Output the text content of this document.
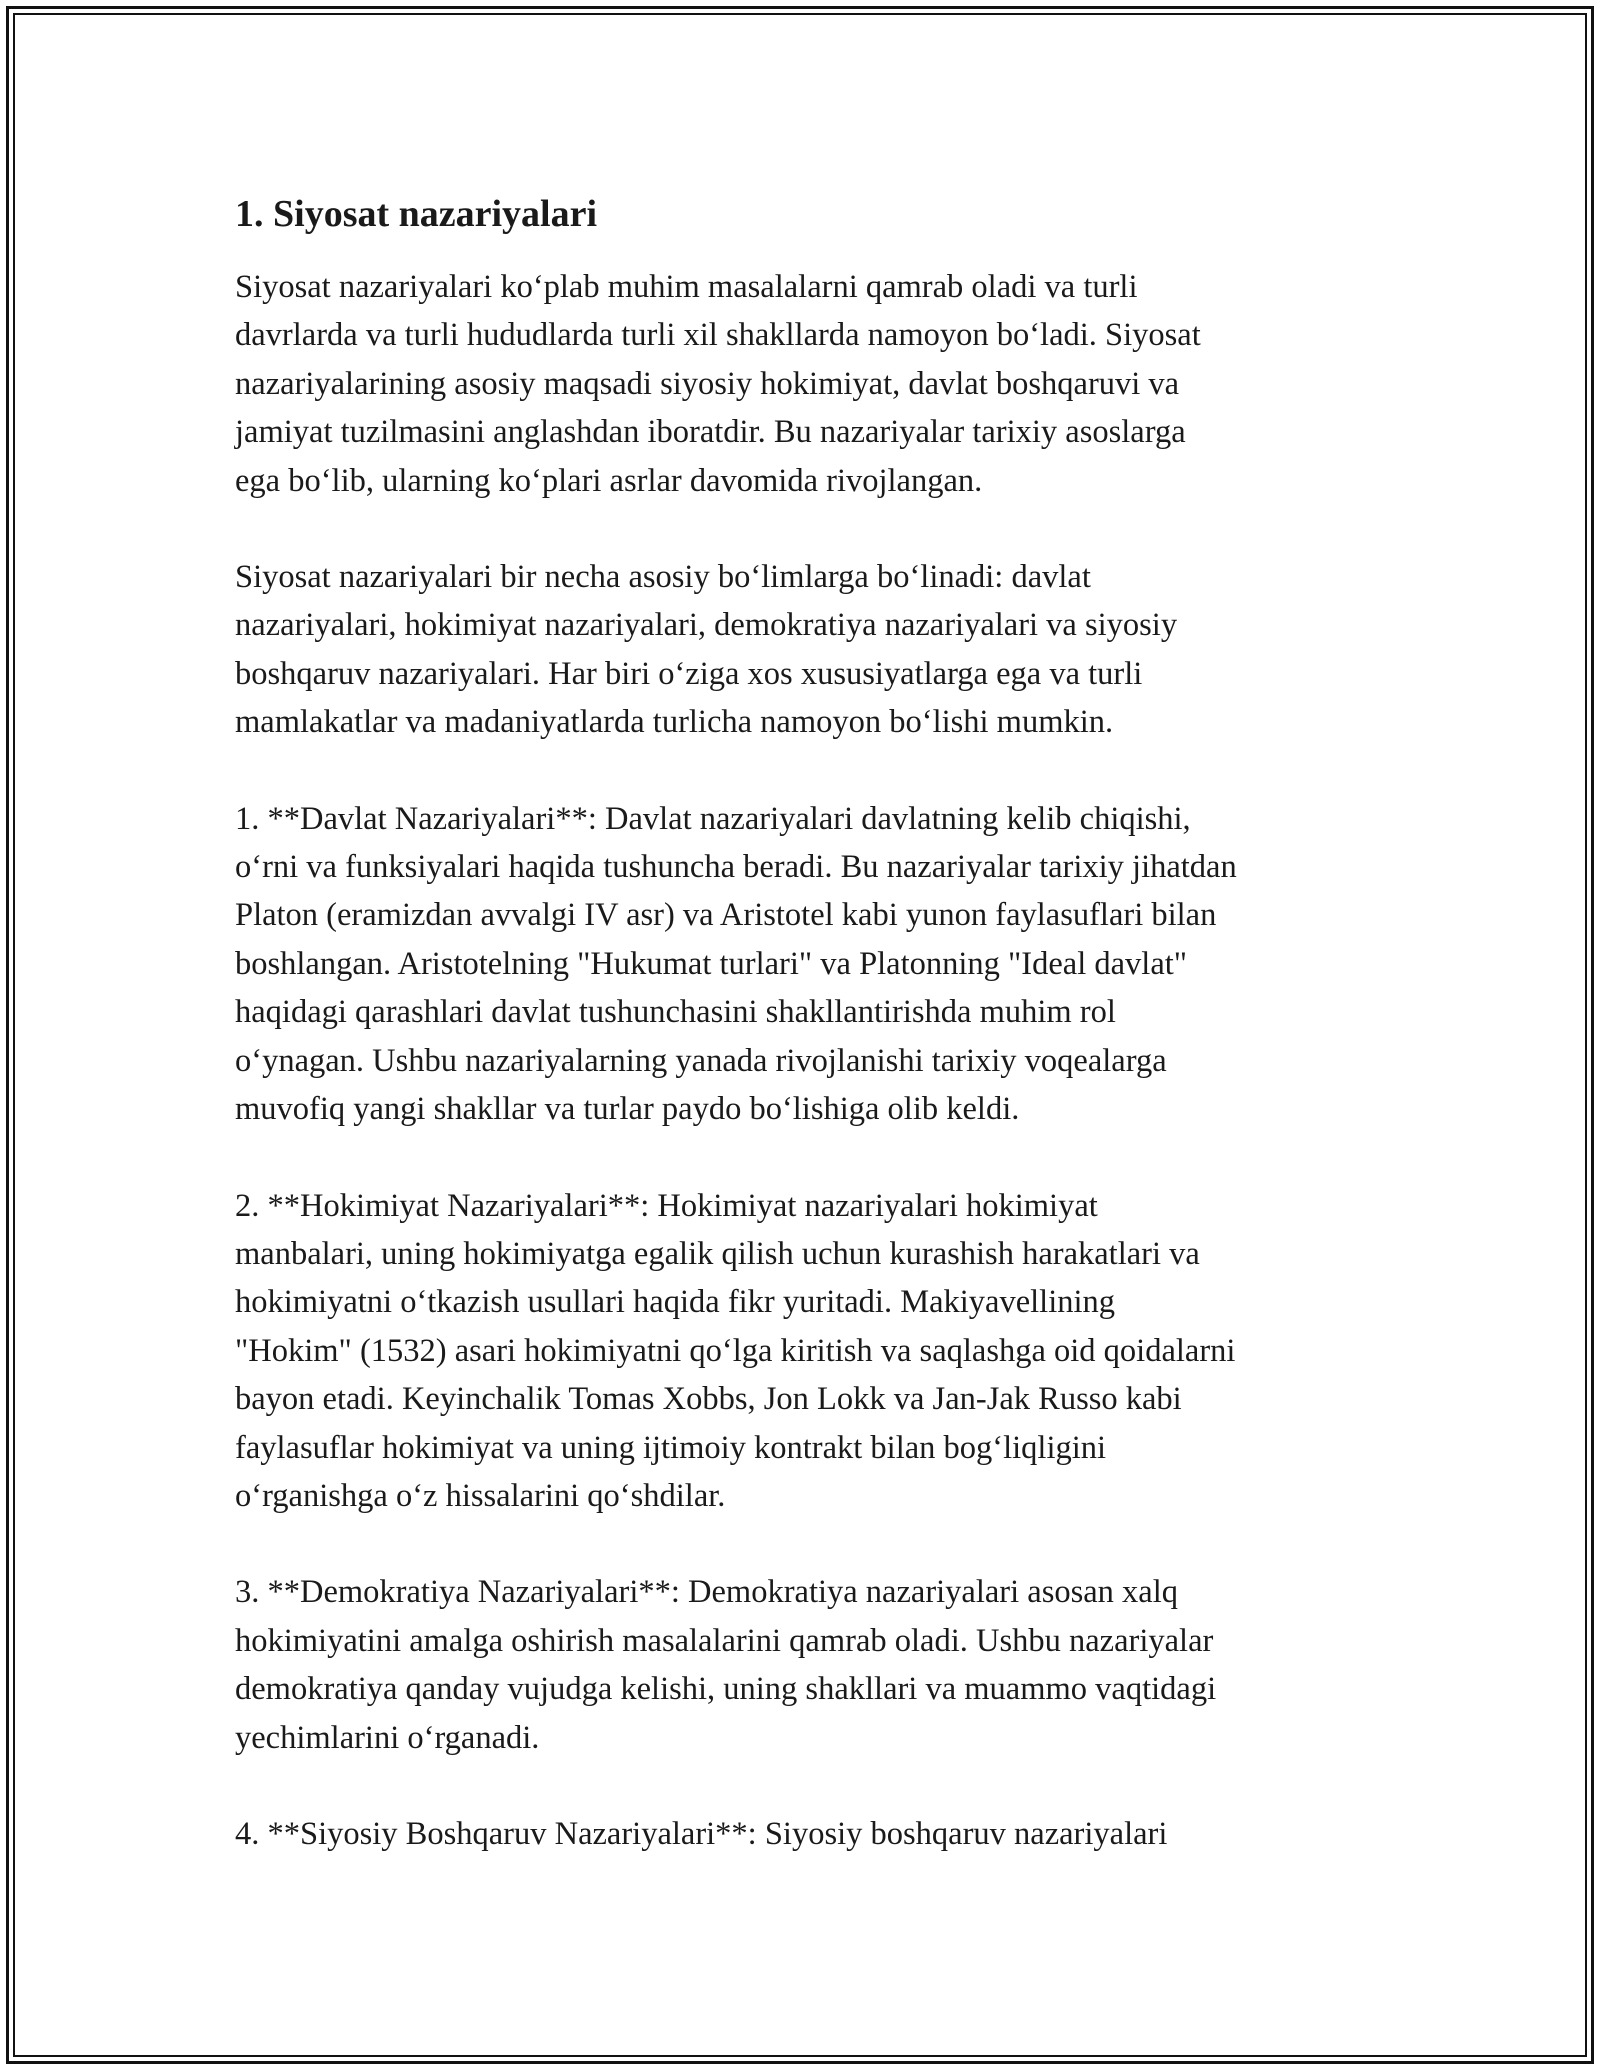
1. Siyosat nazariyalari

Siyosat nazariyalari koʻplab muhim masalalarni qamrab oladi va turli
davrlarda va turli hududlarda turli xil shakllarda namoyon boʻladi. Siyosat
nazariyalarining asosiy maqsadi siyosiy hokimiyat, davlat boshqaruvi va
jamiyat tuzilmasini anglashdan iboratdir. Bu nazariyalar tarixiy asoslarga
ega boʻlib, ularning koʻplari asrlar davomida rivojlangan.

Siyosat nazariyalari bir necha asosiy boʻlimlarga boʻlinadi: davlat
nazariyalari, hokimiyat nazariyalari, demokratiya nazariyalari va siyosiy
boshqaruv nazariyalari. Har biri oʻziga xos xususiyatlarga ega va turli
mamlakatlar va madaniyatlarda turlicha namoyon boʻlishi mumkin.

1. **Davlat Nazariyalari**: Davlat nazariyalari davlatning kelib chiqishi,
oʻrni va funksiyalari haqida tushuncha beradi. Bu nazariyalar tarixiy jihatdan
Platon (eramizdan avvalgi IV asr) va Aristotel kabi yunon faylasuflari bilan
boshlangan. Aristotelning "Hukumat turlari" va Platonning "Ideal davlat"
haqidagi qarashlari davlat tushunchasini shakllantirishda muhim rol
oʻynagan. Ushbu nazariyalarning yanada rivojlanishi tarixiy voqealarga
muvofiq yangi shakllar va turlar paydo boʻlishiga olib keldi.

2. **Hokimiyat Nazariyalari**: Hokimiyat nazariyalari hokimiyat
manbalari, uning hokimiyatga egalik qilish uchun kurashish harakatlari va
hokimiyatni oʻtkazish usullari haqida fikr yuritadi. Makiyavellining
"Hokim" (1532) asari hokimiyatni qoʻlga kiritish va saqlashga oid qoidalarni
bayon etadi. Keyinchalik Tomas Xobbs, Jon Lokk va Jan-Jak Russo kabi
faylasuflar hokimiyat va uning ijtimoiy kontrakt bilan bogʻliqligini
oʻrganishga oʻz hissalarini qoʻshdilar.

3. **Demokratiya Nazariyalari**: Demokratiya nazariyalari asosan xalq
hokimiyatini amalga oshirish masalalarini qamrab oladi. Ushbu nazariyalar
demokratiya qanday vujudga kelishi, uning shakllari va muammo vaqtidagi
yechimlarini oʻrganadi.

4. **Siyosiy Boshqaruv Nazariyalari**: Siyosiy boshqaruv nazariyalari
